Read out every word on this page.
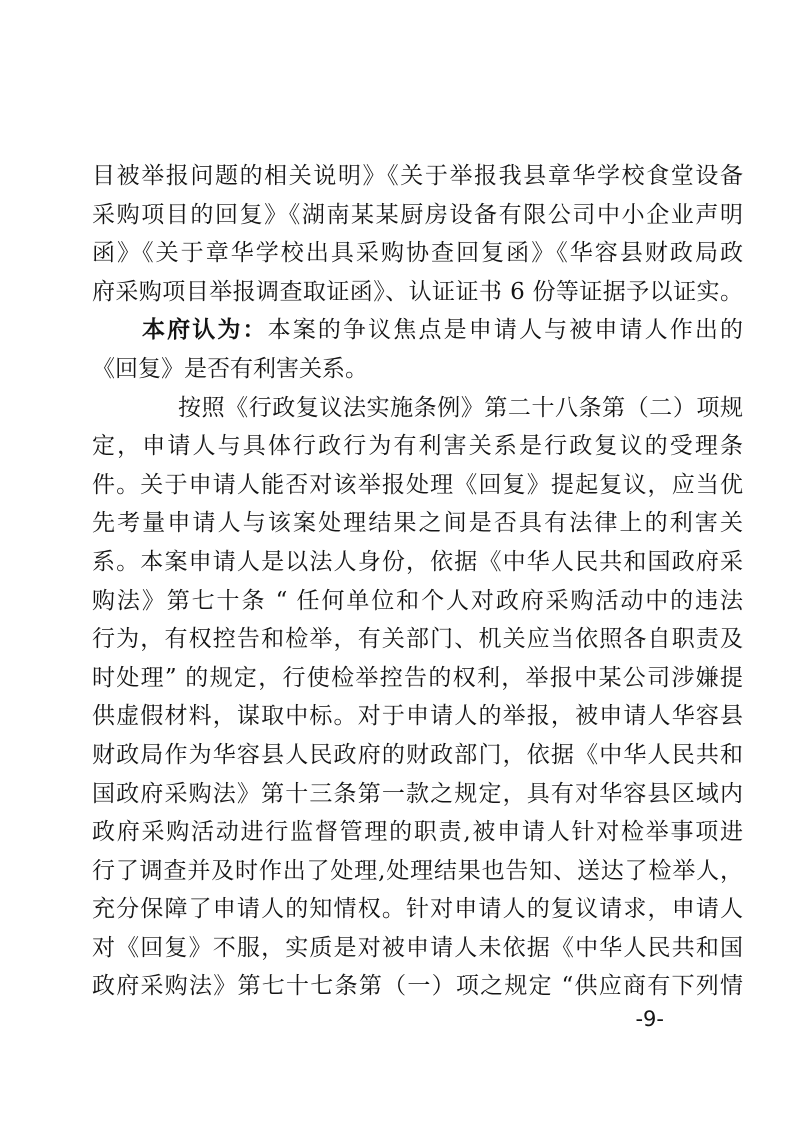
目被举报问题的相关说明》《关于举报我县章华学校食堂设备
采购项目的回复》《湖南某某厨房设备有限公司中小企业声明
函》《关于章华学校出具采购协查回复函》《华容县财政局政
府采购项目举报调查取证函》、认证证书 6 份等证据予以证实。
本府认为：本案的争议焦点是申请人与被申请人作出的
《回复》是否有利害关系。
按照《行政复议法实施条例》第二十八条第（二）项规
定，申请人与具体行政行为有利害关系是行政复议的受理条
件。关于申请人能否对该举报处理《回复》提起复议，应当优
先考量申请人与该案处理结果之间是否具有法律上的利害关
系。本案申请人是以法人身份，依据《中华人民共和国政府采
购法》第七十条 “ 任何单位和个人对政府采购活动中的违法
行为，有权控告和检举，有关部门、机关应当依照各自职责及
时处理” 的规定，行使检举控告的权利，举报中某公司涉嫌提
供虚假材料，谋取中标。对于申请人的举报，被申请人华容县
财政局作为华容县人民政府的财政部门，依据《中华人民共和
国政府采购法》第十三条第一款之规定，具有对华容县区域内
政府采购活动进行监督管理的职责,被申请人针对检举事项进
行了调查并及时作出了处理,处理结果也告知、送达了检举人，
充分保障了申请人的知情权。针对申请人的复议请求，申请人
对《回复》不服，实质是对被申请人未依据《中华人民共和国
政府采购法》第七十七条第（一）项之规定 “供应商有下列情
-9-
